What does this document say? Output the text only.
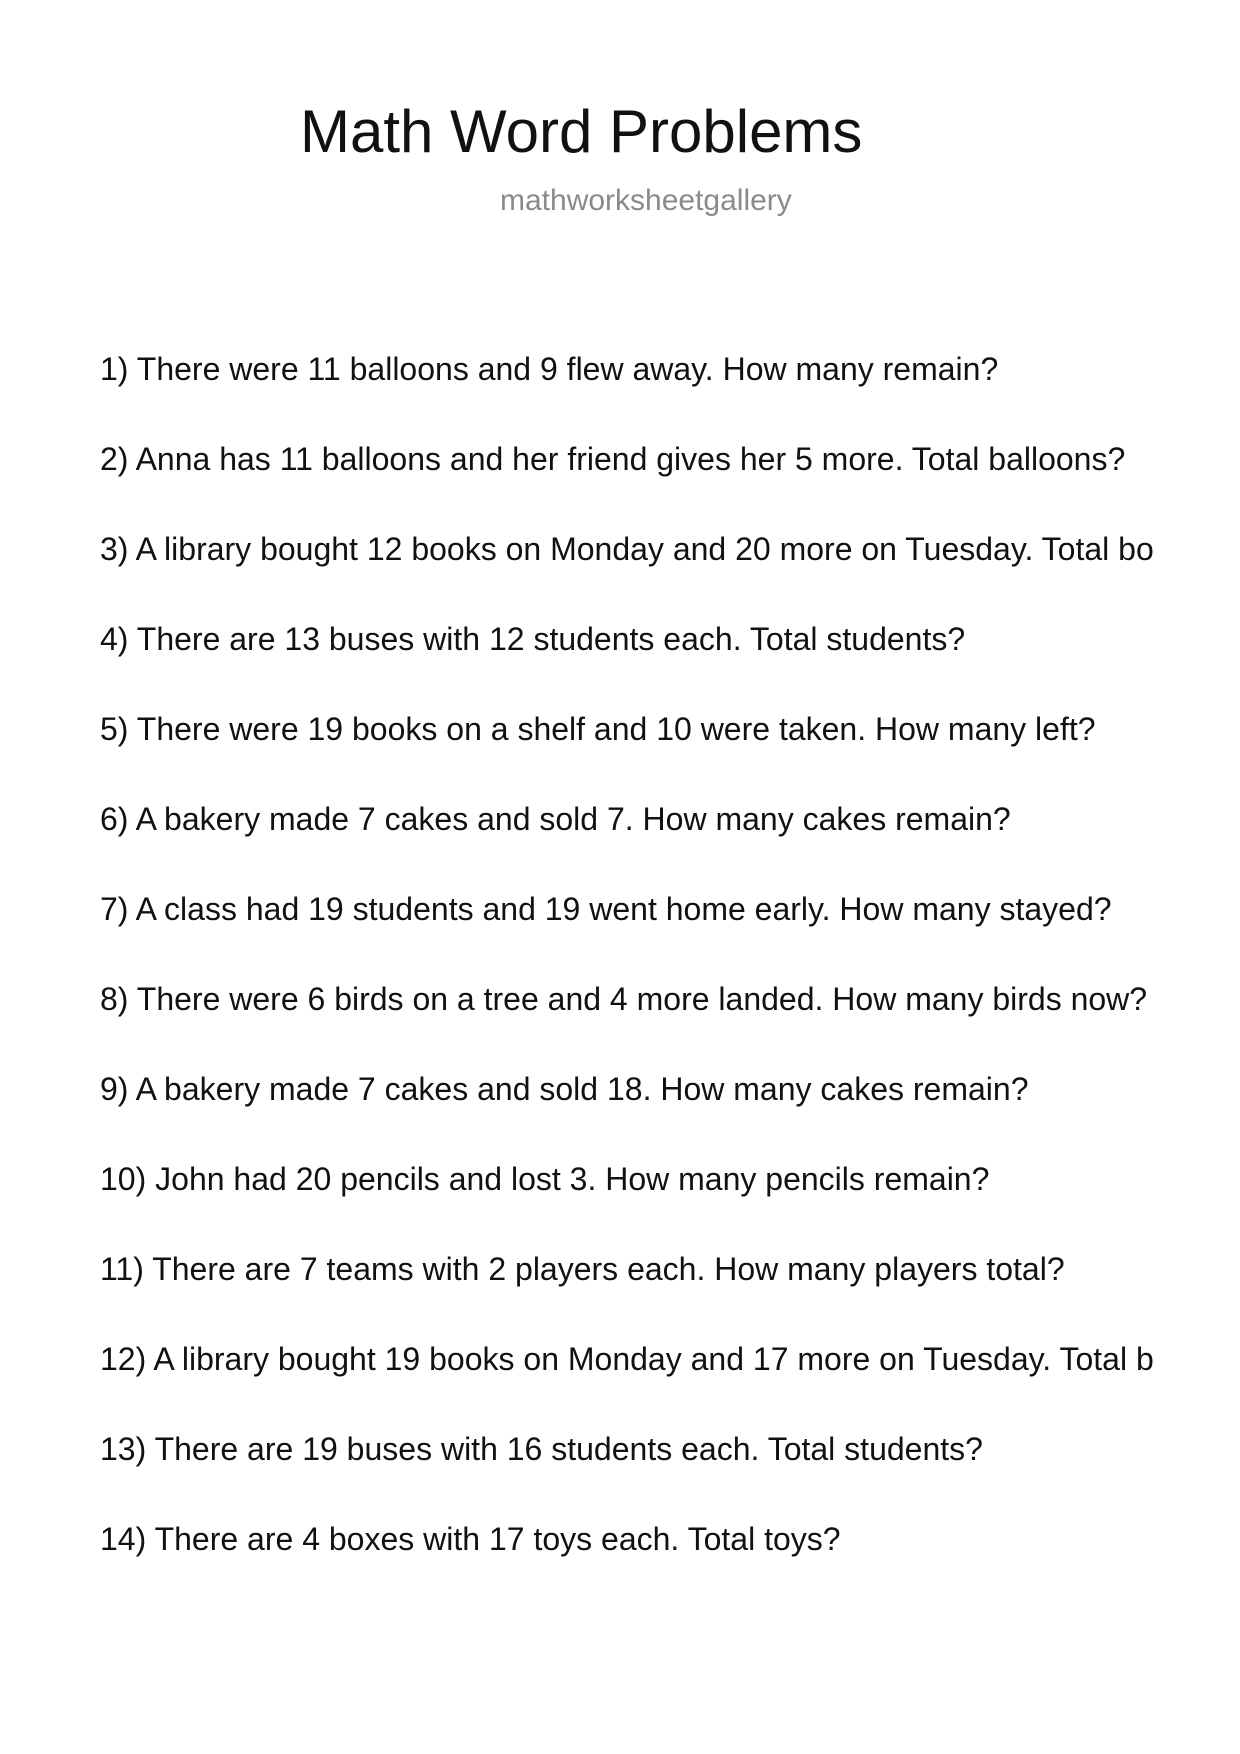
Math Word Problems
mathworksheetgallery
1) There were 11 balloons and 9 flew away. How many remain?
2) Anna has 11 balloons and her friend gives her 5 more. Total balloons?
3) A library bought 12 books on Monday and 20 more on Tuesday. Total bo
4) There are 13 buses with 12 students each. Total students?
5) There were 19 books on a shelf and 10 were taken. How many left?
6) A bakery made 7 cakes and sold 7. How many cakes remain?
7) A class had 19 students and 19 went home early. How many stayed?
8) There were 6 birds on a tree and 4 more landed. How many birds now?
9) A bakery made 7 cakes and sold 18. How many cakes remain?
10) John had 20 pencils and lost 3. How many pencils remain?
11) There are 7 teams with 2 players each. How many players total?
12) A library bought 19 books on Monday and 17 more on Tuesday. Total b
13) There are 19 buses with 16 students each. Total students?
14) There are 4 boxes with 17 toys each. Total toys?
